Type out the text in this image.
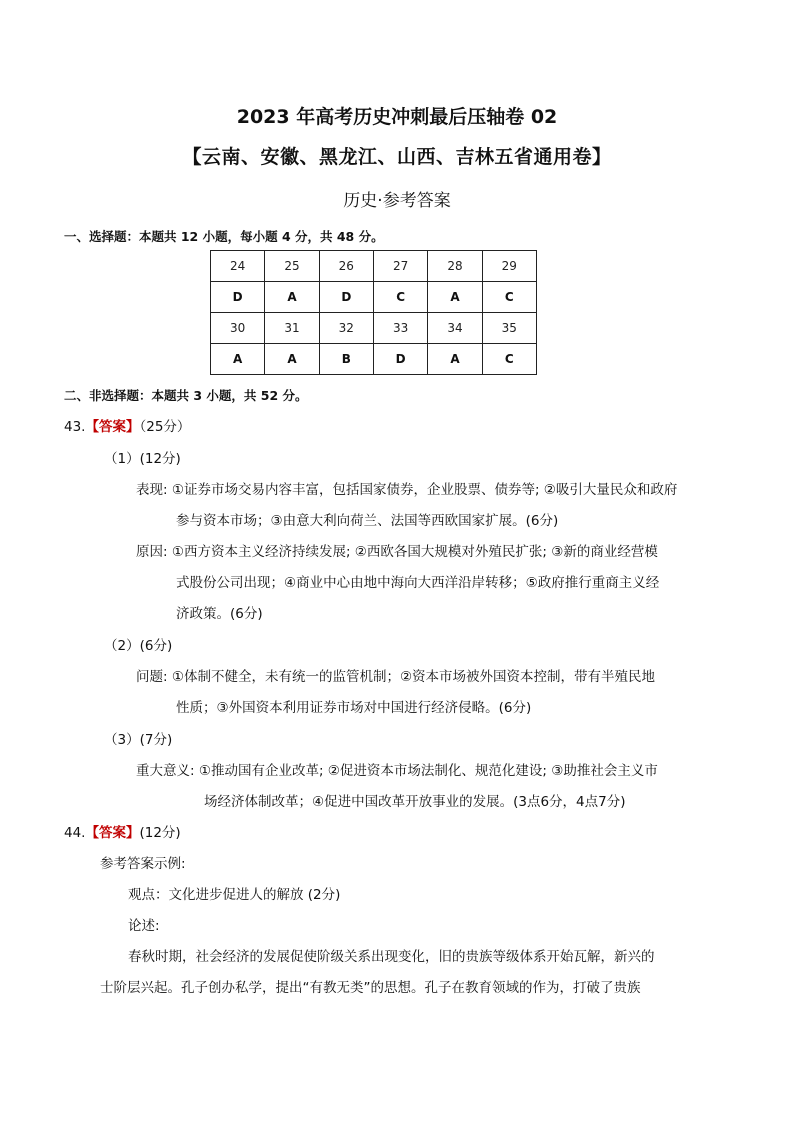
2023 年高考历史冲刺最后压轴卷 02
【云南、安徽、黑龙江、山西、吉林五省通用卷】
历史·参考答案
一、选择题：本题共 12 小题，每小题 4 分，共 48 分。
24	25	26	27	28	29
D	A	D	C	A	C
30	31	32	33	34	35
A	A	B	D	A	C
二、非选择题：本题共 3 小题，共 52 分。
43.【答案】（25分）
（1）(12分)
表现: ①证券市场交易内容丰富，包括国家债券，企业股票、债券等; ②吸引大量民众和政府
参与资本市场；③由意大利向荷兰、法国等西欧国家扩展。(6分)
原因: ①西方资本主义经济持续发展; ②西欧各国大规模对外殖民扩张; ③新的商业经营模
式股份公司出现；④商业中心由地中海向大西洋沿岸转移；⑤政府推行重商主义经
济政策。(6分)
（2）(6分)
问题: ①体制不健全，未有统一的监管机制；②资本市场被外国资本控制，带有半殖民地
性质；③外国资本利用证券市场对中国进行经济侵略。(6分)
（3）(7分)
重大意义: ①推动国有企业改革; ②促进资本市场法制化、规范化建设; ③助推社会主义市
场经济体制改革；④促进中国改革开放事业的发展。(3点6分，4点7分)
44.【答案】(12分)
参考答案示例:
观点：文化进步促进人的解放 (2分)
论述:
春秋时期，社会经济的发展促使阶级关系出现变化，旧的贵族等级体系开始瓦解，新兴的
士阶层兴起。孔子创办私学，提出“有教无类”的思想。孔子在教育领域的作为，打破了贵族
